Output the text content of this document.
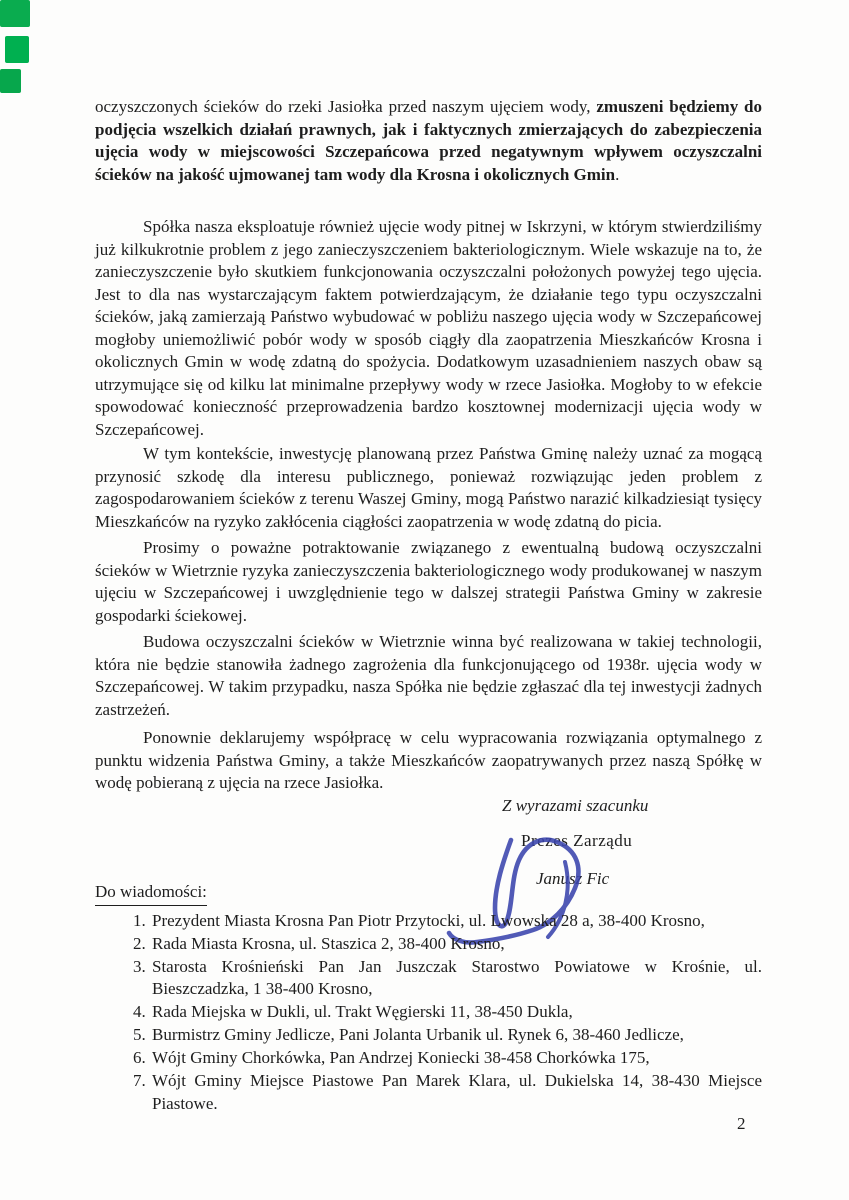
oczyszczonych ścieków do rzeki Jasiołka przed naszym ujęciem wody, zmuszeni będziemy do podjęcia wszelkich działań prawnych, jak i faktycznych zmierzających do zabezpieczenia ujęcia wody w miejscowości Szczepańcowa przed negatywnym wpływem oczyszczalni ścieków na jakość ujmowanej tam wody dla Krosna i okolicznych Gmin.

Spółka nasza eksploatuje również ujęcie wody pitnej w Iskrzyni, w którym stwierdziliśmy już kilkukrotnie problem z jego zanieczyszczeniem bakteriologicznym. Wiele wskazuje na to, że zanieczyszczenie było skutkiem funkcjonowania oczyszczalni położonych powyżej tego ujęcia. Jest to dla nas wystarczającym faktem potwierdzającym, że działanie tego typu oczyszczalni ścieków, jaką zamierzają Państwo wybudować w pobliżu naszego ujęcia wody w Szczepańcowej mogłoby uniemożliwić pobór wody w sposób ciągły dla zaopatrzenia Mieszkańców Krosna i okolicznych Gmin w wodę zdatną do spożycia. Dodatkowym uzasadnieniem naszych obaw są utrzymujące się od kilku lat minimalne przepływy wody w rzece Jasiołka. Mogłoby to w efekcie spowodować konieczność przeprowadzenia bardzo kosztownej modernizacji ujęcia wody w Szczepańcowej.

W tym kontekście, inwestycję planowaną przez Państwa Gminę należy uznać za mogącą przynosić szkodę dla interesu publicznego, ponieważ rozwiązując jeden problem z zagospodarowaniem ścieków z terenu Waszej Gminy, mogą Państwo narazić kilkadziesiąt tysięcy Mieszkańców na ryzyko zakłócenia ciągłości zaopatrzenia w wodę zdatną do picia.

Prosimy o poważne potraktowanie związanego z ewentualną budową oczyszczalni ścieków w Wietrznie ryzyka zanieczyszczenia bakteriologicznego wody produkowanej w naszym ujęciu w Szczepańcowej i uwzględnienie tego w dalszej strategii Państwa Gminy w zakresie gospodarki ściekowej.

Budowa oczyszczalni ścieków w Wietrznie winna być realizowana w takiej technologii, która nie będzie stanowiła żadnego zagrożenia dla funkcjonującego od 1938r. ujęcia wody w Szczepańcowej. W takim przypadku, nasza Spółka nie będzie zgłaszać dla tej inwestycji żadnych zastrzeżeń.

Ponownie deklarujemy współpracę w celu wypracowania rozwiązania optymalnego z punktu widzenia Państwa Gminy, a także Mieszkańców zaopatrywanych przez naszą Spółkę w wodę pobieraną z ujęcia na rzece Jasiołka.

Z wyrazami szacunku
Prezes Zarządu
Janusz Fic
Do wiadomości:
1. Prezydent Miasta Krosna Pan Piotr Przytocki, ul. Lwowska 28 a, 38-400 Krosno,
2. Rada Miasta Krosna, ul. Staszica 2, 38-400 Krosno,
3. Starosta Krośnieński Pan Jan Juszczak Starostwo Powiatowe w Krośnie, ul. Bieszczadzka, 1 38-400 Krosno,
4. Rada Miejska w Dukli, ul. Trakt Węgierski 11, 38-450 Dukla,
5. Burmistrz Gminy Jedlicze, Pani Jolanta Urbanik ul. Rynek 6, 38-460 Jedlicze,
6. Wójt Gminy Chorkówka, Pan Andrzej Koniecki 38-458 Chorkówka 175,
7. Wójt Gminy Miejsce Piastowe Pan Marek Klara, ul. Dukielska 14, 38-430 Miejsce Piastowe.
2
